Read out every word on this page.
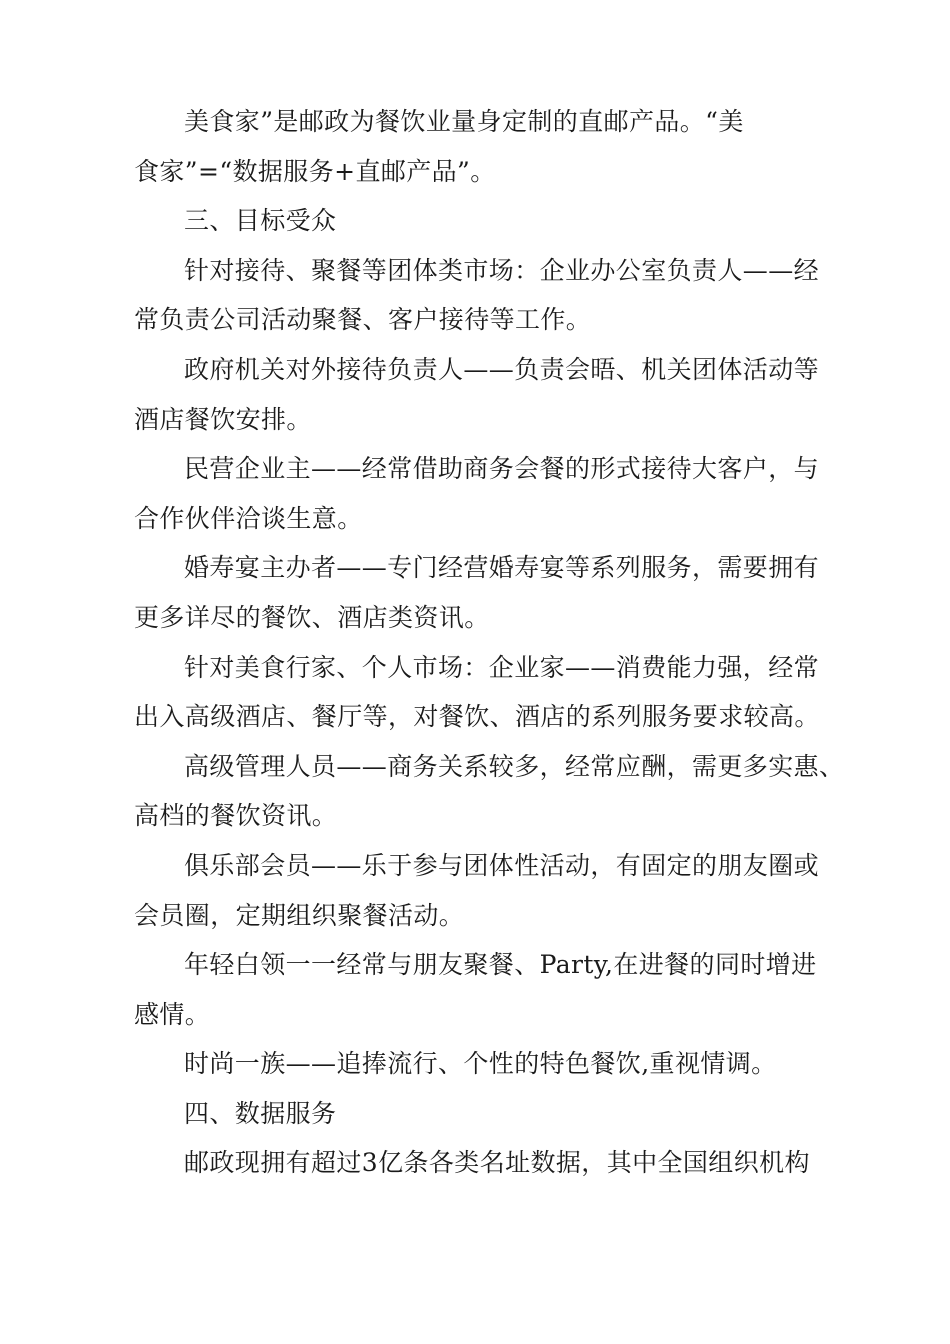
美食家”是邮政为餐饮业量身定制的直邮产品。“美
食家”=“数据服务+直邮产品”。
三、目标受众
针对接待、聚餐等团体类市场：企业办公室负责人——经
常负责公司活动聚餐、客户接待等工作。
政府机关对外接待负责人——负责会晤、机关团体活动等
酒店餐饮安排。
民营企业主——经常借助商务会餐的形式接待大客户，与
合作伙伴洽谈生意。
婚寿宴主办者——专门经营婚寿宴等系列服务，需要拥有
更多详尽的餐饮、酒店类资讯。
针对美食行家、个人市场：企业家——消费能力强，经常
出入高级酒店、餐厅等，对餐饮、酒店的系列服务要求较高。
高级管理人员——商务关系较多，经常应酬，需更多实惠、
高档的餐饮资讯。
俱乐部会员——乐于参与团体性活动，有固定的朋友圈或
会员圈，定期组织聚餐活动。
年轻白领一一经常与朋友聚餐、Party,在进餐的同时增进
感情。
时尚一族——追捧流行、个性的特色餐饮,重视情调。
四、数据服务
邮政现拥有超过3亿条各类名址数据，其中全国组织机构
